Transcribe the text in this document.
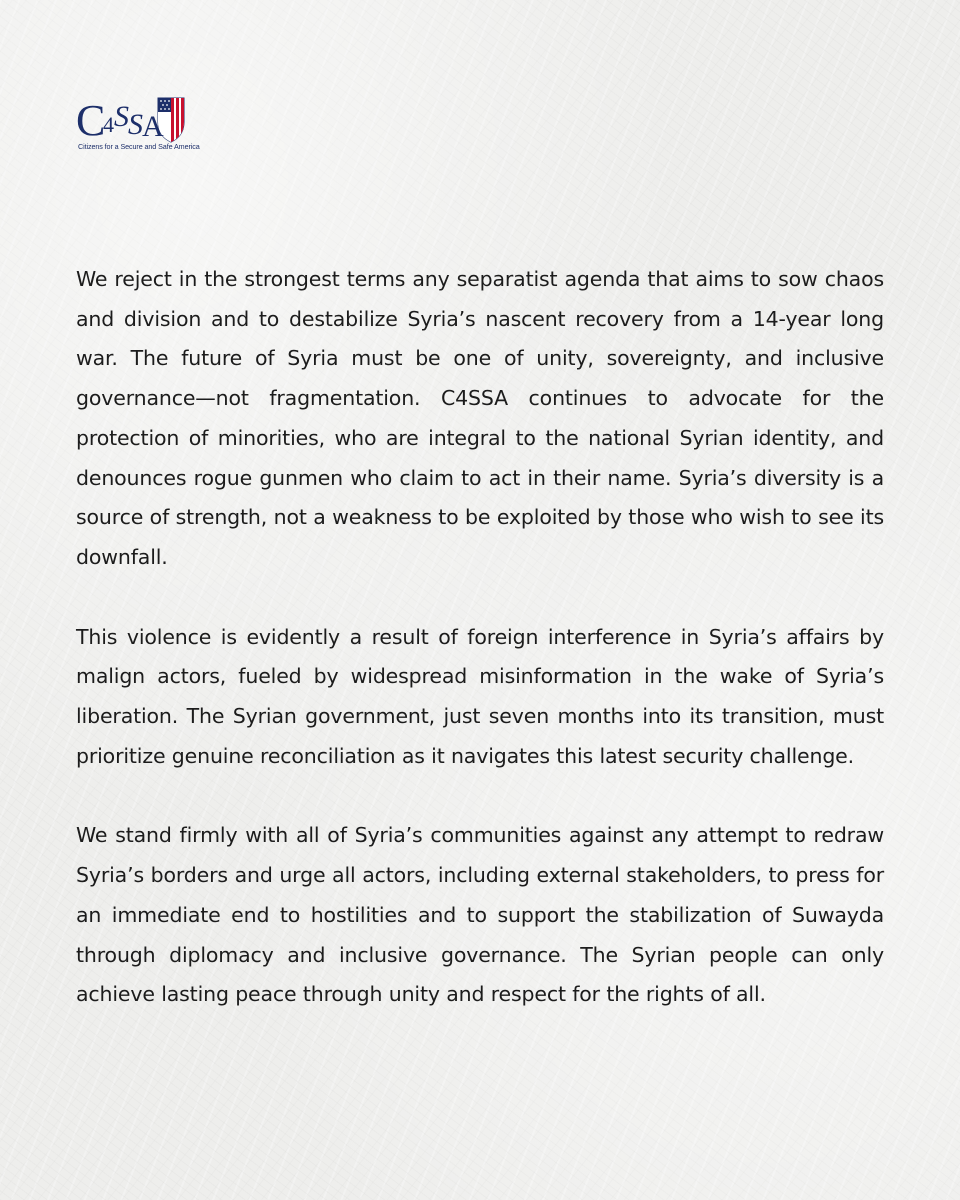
C
4 S S A
Citizens for a Secure and Safe America

We reject in the strongest terms any separatist agenda that aims to sow chaos and division and to destabilize Syria’s nascent recovery from a 14-year long war. The future of Syria must be one of unity, sovereignty, and inclusive governance—not fragmentation. C4SSA continues to advocate for the protection of minorities, who are integral to the national Syrian identity, and denounces rogue gunmen who claim to act in their name. Syria’s diversity is a source of strength, not a weakness to be exploited by those who wish to see its downfall.

This violence is evidently a result of foreign interference in Syria’s affairs by malign actors, fueled by widespread misinformation in the wake of Syria’s liberation. The Syrian government, just seven months into its transition, must prioritize genuine reconciliation as it navigates this latest security challenge.

We stand firmly with all of Syria’s communities against any attempt to redraw Syria’s borders and urge all actors, including external stakeholders, to press for an immediate end to hostilities and to support the stabilization of Suwayda through diplomacy and inclusive governance. The Syrian people can only achieve lasting peace through unity and respect for the rights of all.
